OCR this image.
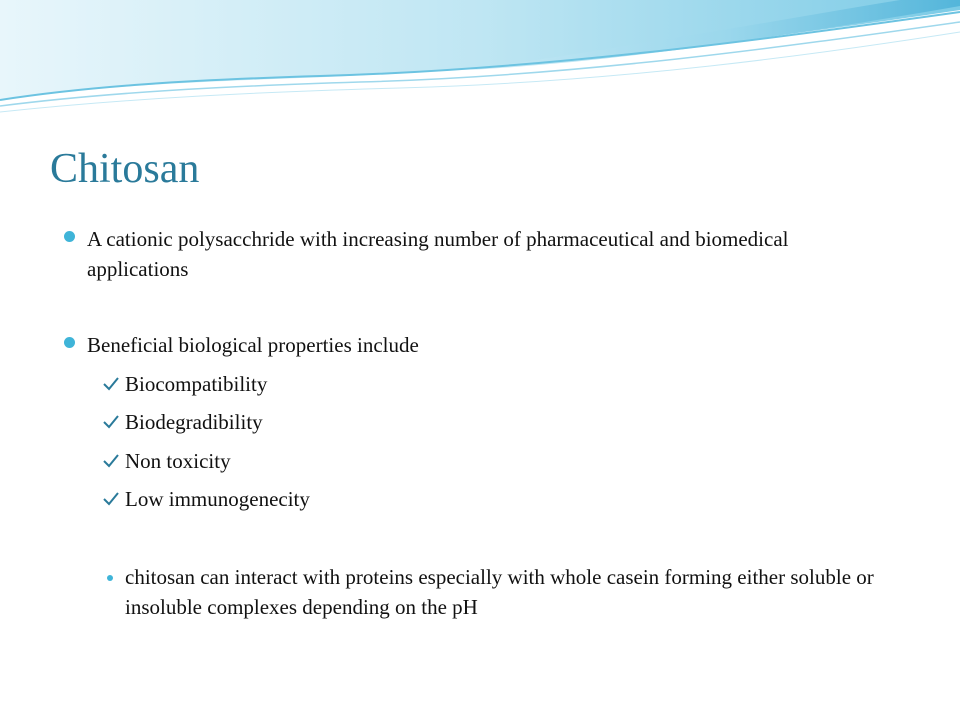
Chitosan
A cationic polysacchride with increasing number of pharmaceutical and biomedical applications
Beneficial biological properties include
Biocompatibility
Biodegradibility
Non toxicity
Low immunogenecity
chitosan can interact with proteins especially with whole casein forming either soluble or insoluble complexes depending on the pH
